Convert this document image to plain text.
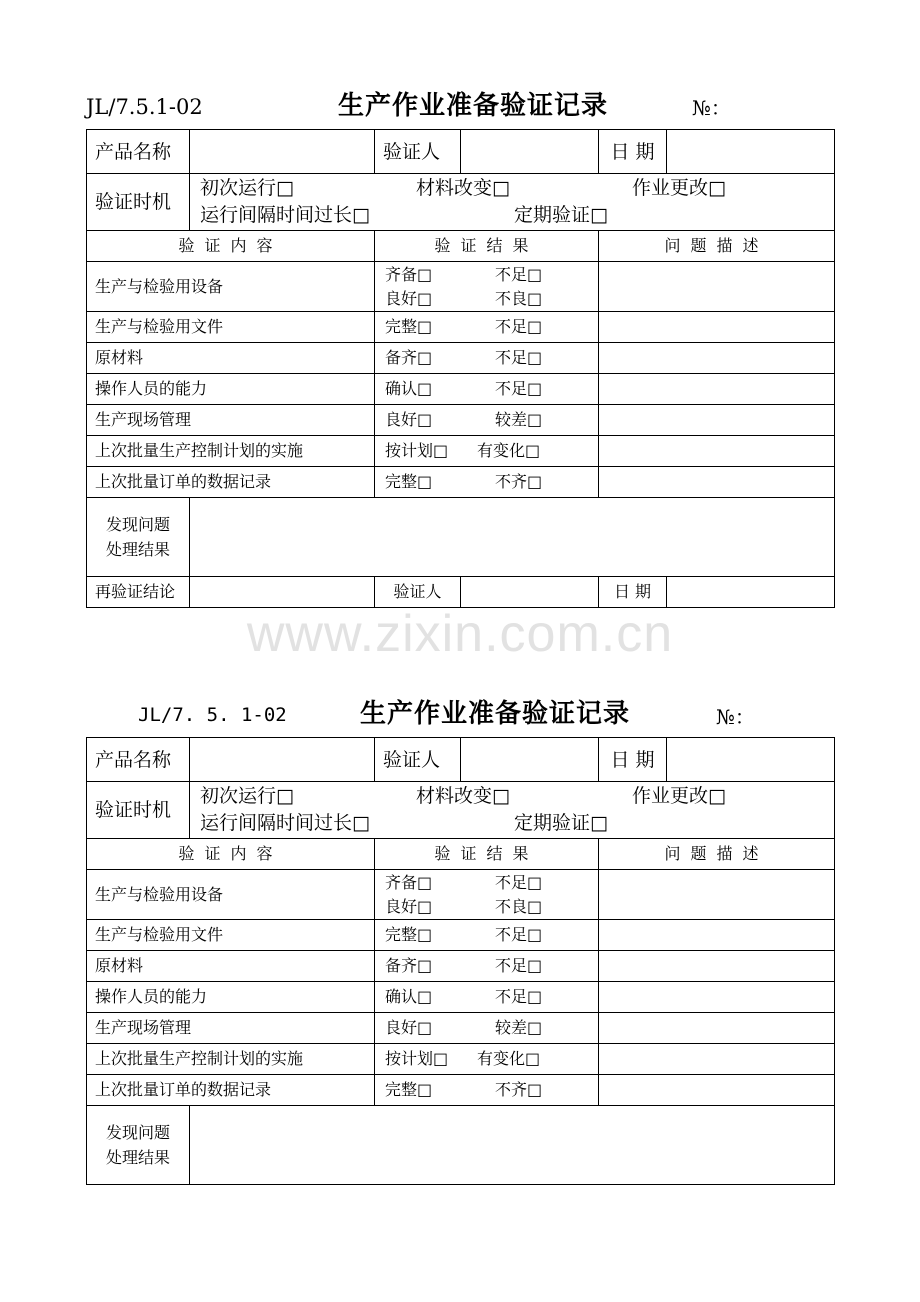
JL/7.5.1-02	生产作业准备验证记录	№：
产品名称		验证人		日 期	
验证时机	初次运行□ 材料改变□ 作业更改□
运行间隔时间过长□ 定期验证□				

验证内容		验证结果		问题描述	
生产与检验用设备		齐备□ 不足□
良好□ 不良□			

生产与检验用文件		完整□ 不足□			

原材料		备齐□ 不足□			

操作人员的能力		确认□ 不足□			

生产现场管理		良好□ 较差□			

上次批量生产控制计划的实施		按计划□ 有变化□			

上次批量订单的数据记录		完整□ 不齐□			

发现问题
处理结果					

再验证结论		验证人		日 期	
www.zixin.com.cn
JL/7. 5. 1-02	生产作业准备验证记录	№：
产品名称		验证人		日 期	
验证时机	初次运行□ 材料改变□ 作业更改□
运行间隔时间过长□ 定期验证□				

验证内容		验证结果		问题描述	
生产与检验用设备		齐备□ 不足□
良好□ 不良□			

生产与检验用文件		完整□ 不足□			

原材料		备齐□ 不足□			

操作人员的能力		确认□ 不足□			

生产现场管理		良好□ 较差□			

上次批量生产控制计划的实施		按计划□ 有变化□			

上次批量订单的数据记录		完整□ 不齐□			

发现问题
处理结果					
